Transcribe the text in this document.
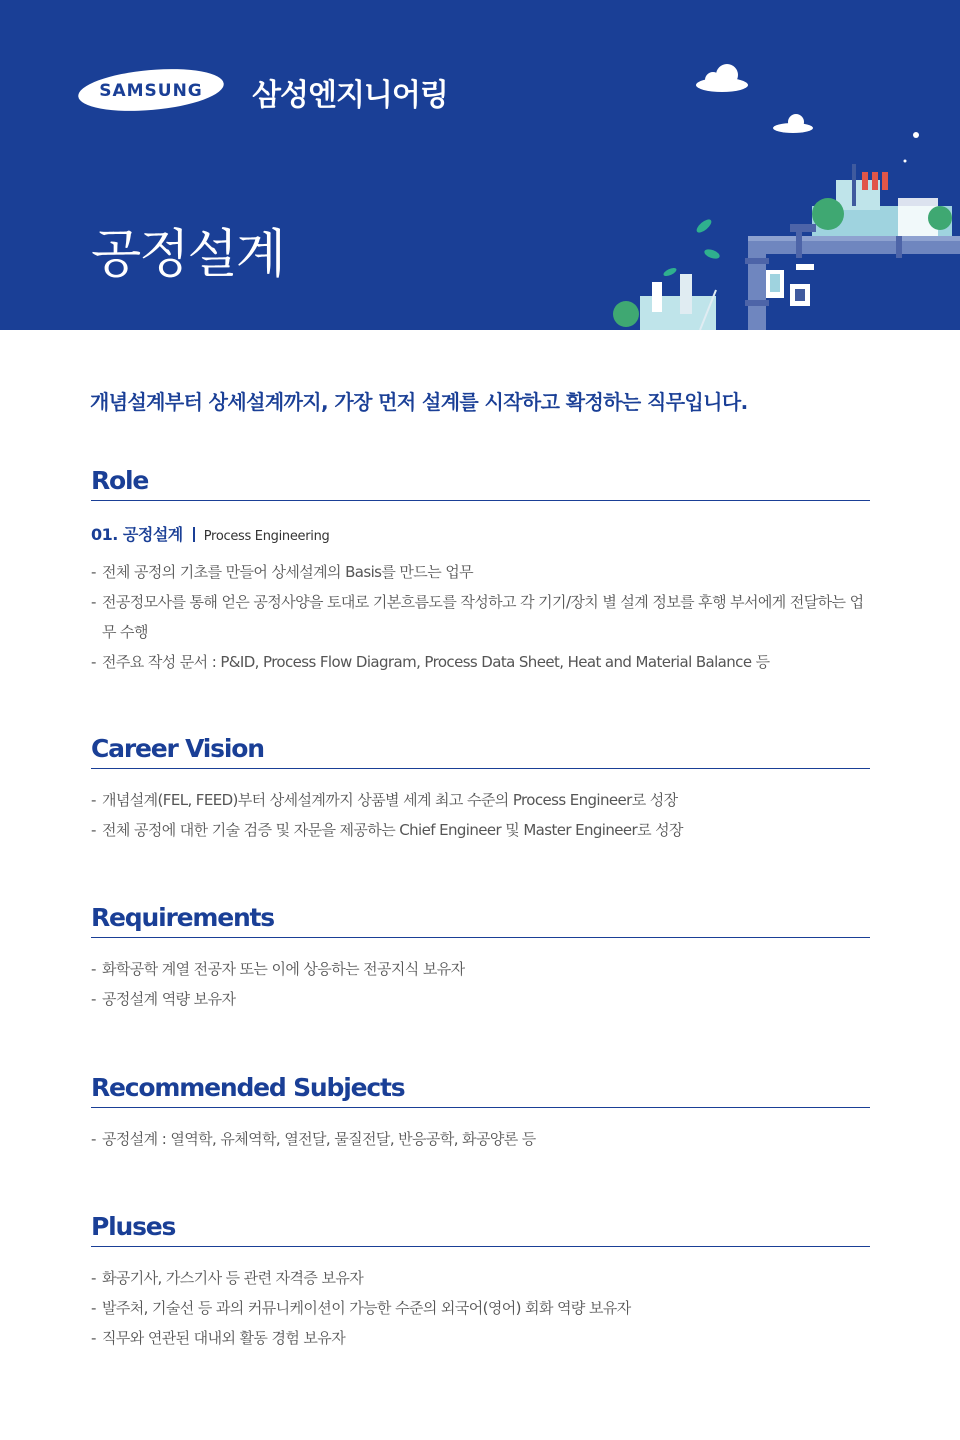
SAMSUNG 삼성엔지니어링
공정설계
개념설계부터 상세설계까지, 가장 먼저 설계를 시작하고 확정하는 직무입니다.
Role
01. 공정설계 Process Engineering
- 전체 공정의 기초를 만들어 상세설계의 Basis를 만드는 업무
- 전공정모사를 통해 얻은 공정사양을 토대로 기본흐름도를 작성하고 각 기기/장치 별 설계 정보를 후행 부서에게 전달하는 업무 수행
- 전주요 작성 문서 : P&ID, Process Flow Diagram, Process Data Sheet, Heat and Material Balance 등
Career Vision
- 개념설계(FEL, FEED)부터 상세설계까지 상품별 세계 최고 수준의 Process Engineer로 성장
- 전체 공정에 대한 기술 검증 및 자문을 제공하는 Chief Engineer 및 Master Engineer로 성장
Requirements
- 화학공학 계열 전공자 또는 이에 상응하는 전공지식 보유자
- 공정설계 역량 보유자
Recommended Subjects
- 공정설계 : 열역학, 유체역학, 열전달, 물질전달, 반응공학, 화공양론 등
Pluses
- 화공기사, 가스기사 등 관련 자격증 보유자
- 발주처, 기술선 등 과의 커뮤니케이션이 가능한 수준의 외국어(영어) 회화 역량 보유자
- 직무와 연관된 대내외 활동 경험 보유자
